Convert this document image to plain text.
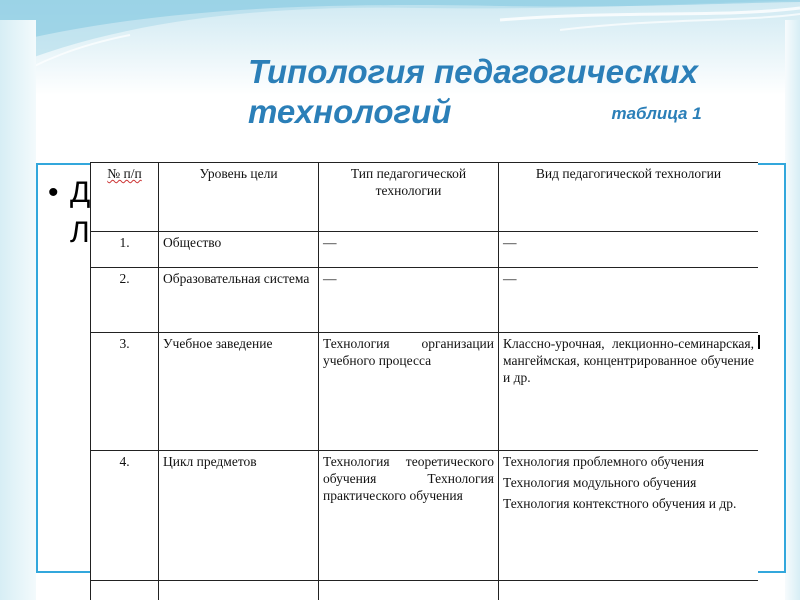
Типология педагогических
технологий	таблица 1
• Д
Л
№ п/п	Уровень цели	Тип педагогической технологии	Вид педагогической технологии
1.	Общество	—	—
2.	Образовательная система	—	—
3.	Учебное заведение	Технология организации учебного процесса	Классно-урочная, лекционно-семинарская, мангеймская, концентрированное обучение и др.
4.	Цикл предметов	Технология теоретического обучения Технология практического обучения	Технология проблемного обучения
Технология модульного обучения
Технология контекстного обучения и др.
